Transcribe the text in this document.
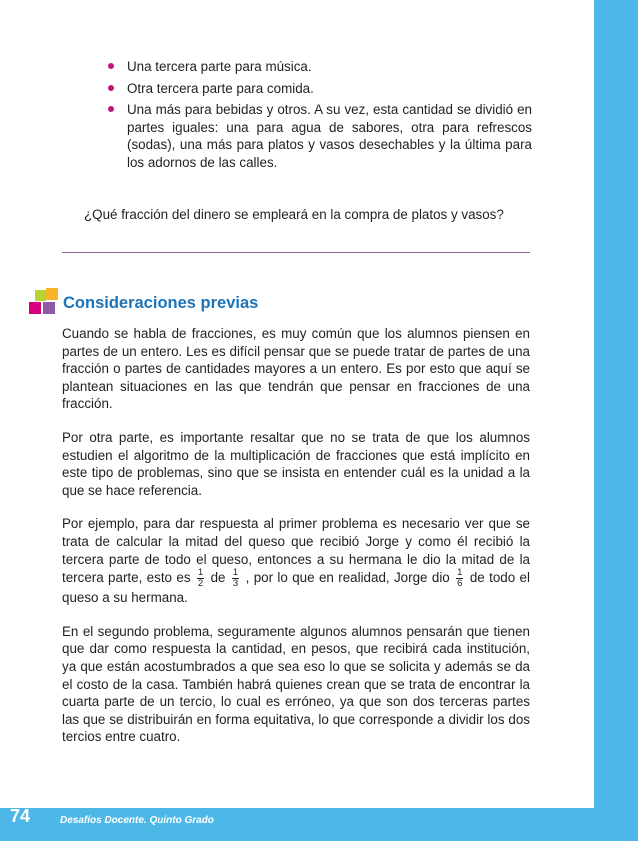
Una tercera parte para música.
Otra tercera parte para comida.
Una más para bebidas y otros. A su vez, esta cantidad se dividió en partes iguales: una para agua de sabores, otra para refrescos (sodas), una más para platos y vasos desechables y la última para los adornos de las calles.
¿Qué fracción del dinero se empleará en la compra de platos y vasos?
Consideraciones previas

Cuando se habla de fracciones, es muy común que los alumnos piensen en partes de un entero. Les es difícil pensar que se puede tratar de partes de una fracción o partes de cantidades mayores a un entero. Es por esto que aquí se plantean situaciones en las que tendrán que pensar en fracciones de una fracción.

Por otra parte, es importante resaltar que no se trata de que los alumnos estudien el algoritmo de la multiplicación de fracciones que está implícito en este tipo de problemas, sino que se insista en entender cuál es la unidad a la que se hace referencia.

Por ejemplo, para dar respuesta al primer problema es necesario ver que se trata de calcular la mitad del queso que recibió Jorge y como él recibió la tercera parte de todo el queso, entonces a su hermana le dio la mitad de la tercera parte, esto es $\frac{1}{2}$ de $\frac{1}{3}$ , por lo que en realidad, Jorge dio $\frac{1}{6}$ de todo el queso a su hermana.

En el segundo problema, seguramente algunos alumnos pensarán que tienen que dar como respuesta la cantidad, en pesos, que recibirá cada institución, ya que están acostumbrados a que sea eso lo que se solicita y además se da el costo de la casa. También habrá quienes crean que se trata de encontrar la cuarta parte de un tercio, lo cual es erróneo, ya que son dos terceras partes las que se distribuirán en forma equitativa, lo que corresponde a dividir los dos tercios entre cuatro.

74	Desafíos Docente. Quinto Grado
